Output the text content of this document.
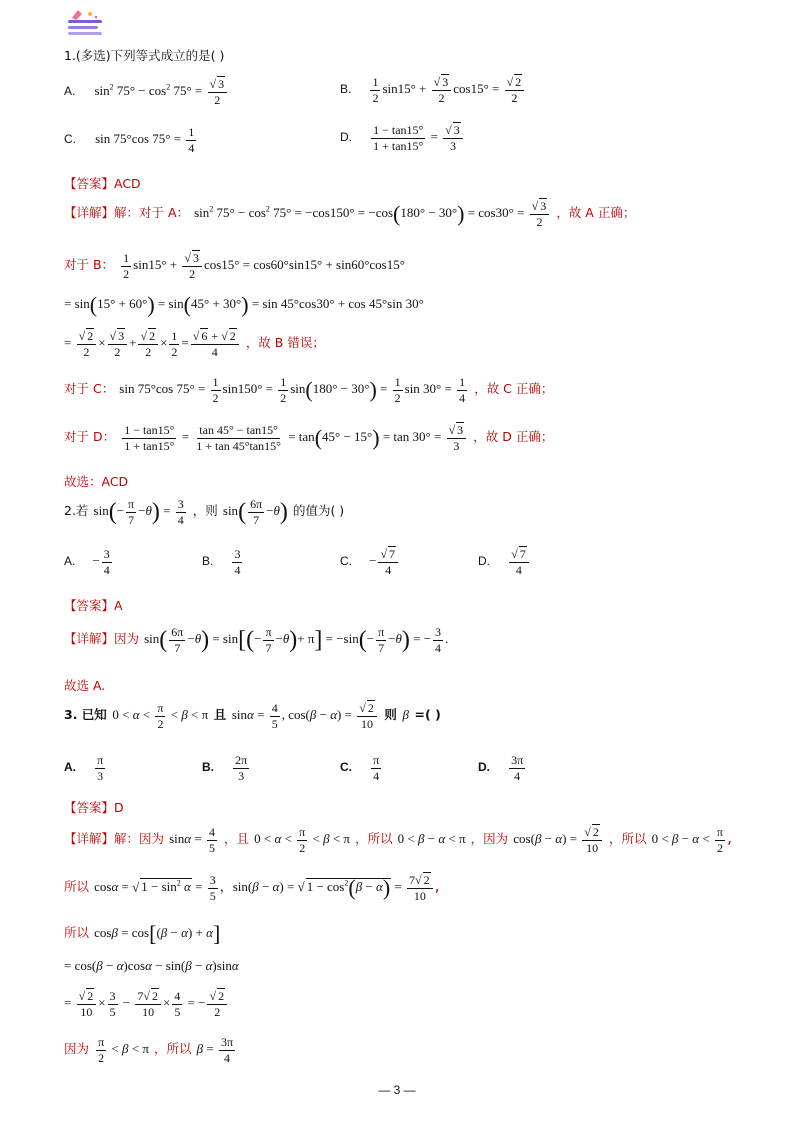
1.(多选)下列等式成立的是( )
A. $\sin^2 75^\circ - \cos^2 75^\circ = \frac{√ 3}{2}$	B. $\frac{1}{2} \sin 15^\circ + \frac{√ 3}{2} \cos 15^\circ = \frac{√ 2}{2}$
C. sin 75°cos $75^\circ = \frac{1}{4}$	D. $\frac{1 - \tan 15^\circ}{1 + \tan 15^\circ} = \frac{√ 3}{3}$
【答案】ACD
【详解】解：对于 A： $\sin^2 75^\circ - \cos^2 75^\circ = -\cos 150^\circ = -\cos(180^\circ - 30^\circ) = \cos 30^\circ = \frac{√ 3}{2}$ ，故 A 正确；
对于 B： $\frac{1}{2} \sin 15^\circ + \frac{√ 3}{2} \cos 15^\circ = \cos 60^\circ\sin 15^\circ + \sin 60^\circ\cos 15^\circ$
= sin(15° + 60°) = sin(45° + 30°) = sin 45°cos30° + cos 45°sin 30°
= $\frac{√ 2}{2} \times \frac{√ 3}{2} + \frac{√ 2}{2} \times \frac{1}{2} = \frac{√ 6 + √ 2}{4}$ ，故 B 错误；
对于 C： sin 75°cos $75^\circ = \frac{1}{2} \sin 150^\circ = \frac{1}{2} \sin(180^\circ - 30^\circ) = \frac{1}{2}$ $\sin 30^\circ = \frac{1}{4}$ ，故 C 正确；
对于 D： $\frac{1 - \tan 15^\circ}{1 + \tan 15^\circ} = \frac{\tan 45^\circ - \tan 15^\circ}{1 + \tan 45^\circ\tan 15^\circ} = \tan(45^\circ - 15^\circ) = \tan 30^\circ = \frac{√ 3}{3}$ ，故 D 正确；
故选：ACD
2.若 $\sin(- \frac{\pi}{7} -\theta) = \frac{3}{4}$ ，则 $\sin( \frac{6\pi}{7} -\theta)$ 的值为( )
A. − $\frac{3}{4}$	B. $\frac{3}{4}$	C. − $\frac{√ 7}{4}$	D. $\frac{√ 7}{4}$
【答案】A
【详解】因为 $\sin( \frac{6\pi}{7} -\theta) = \sin[(- \frac{\pi}{7} -\theta)+ \pi] = -\sin(- \frac{\pi}{7} -\theta)$ = − $\frac{3}{4}$ .
故选 A.
3. 已知 $0 < \alpha < \frac{\pi}{2} < \beta < \pi$ 且 $\sin\alpha = \frac{4}{5}$ , $\cos(\beta - \alpha) = \frac{√ 2}{10}$ 则 β =( )
A. $\frac{\pi}{3}$	B. $\frac{2\pi}{3}$	C. $\frac{\pi}{4}$	D. $\frac{3\pi}{4}$
【答案】D
【详解】解：因为 $\sin\alpha = \frac{4}{5}$ ，且 $0 < \alpha < \frac{\pi}{2} < \beta < \pi$ ，所以 0 < β − α < π ，因为 $\cos(\beta - \alpha) = \frac{√ 2}{10}$ ，所以 $0 < \beta - \alpha < \frac{\pi}{2}$ ,
所以 cosα = √ $1 - \sin^2 \alpha = \frac{3}{5}$ ，sin(β − α) = √ $1 - \cos^2(\beta - \alpha) = \frac{7√ 2}{10}$ ,
所以 cosβ = cos[(β − α) + α]
= cos(β − α)cosα − sin(β − α)sinα
= $\frac{√ 2}{10} \times \frac{3}{5} - \frac{7√ 2}{10} \times \frac{4}{5}$ = − $\frac{√ 2}{2}$
因为 $\frac{\pi}{2} < \beta < \pi$ ，所以 $\beta = \frac{3\pi}{4}$
— 3 —
